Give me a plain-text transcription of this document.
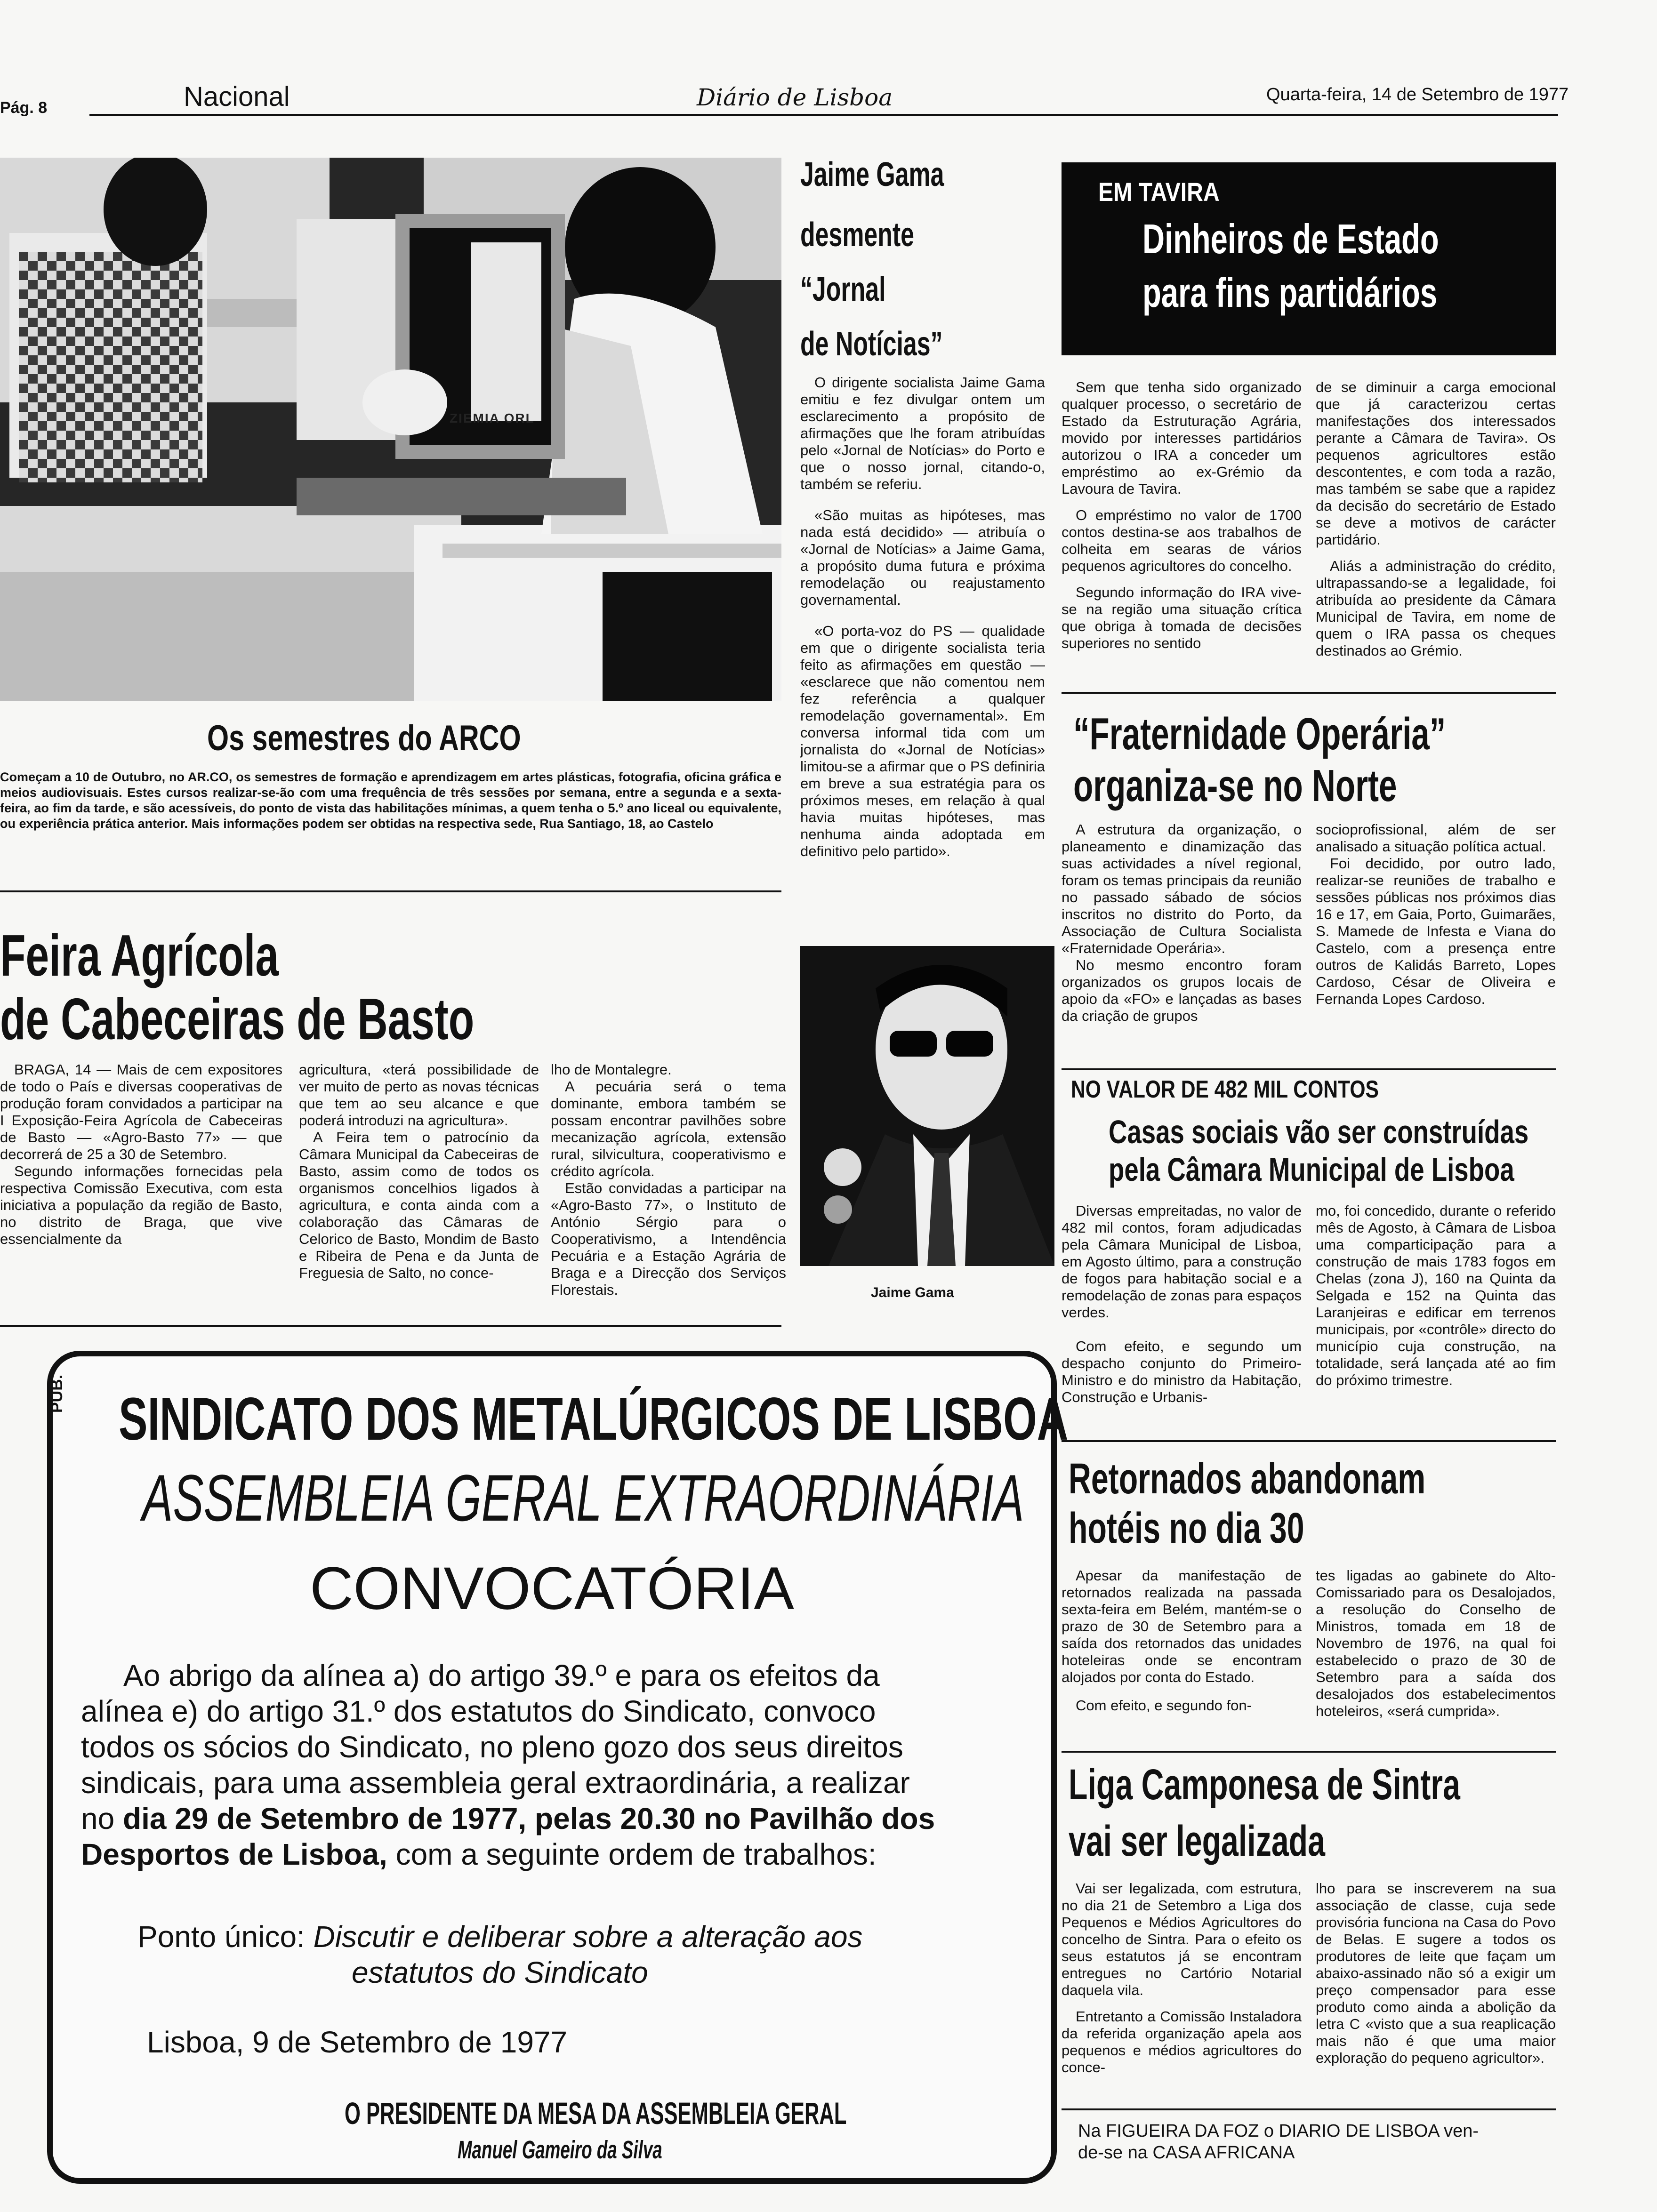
Pág. 8	Nacional	Diário de Lisboa	Quarta-feira, 14 de Setembro de 1977
ZIEMIA ORL
Os semestres do ARCO
Começam a 10 de Outubro, no AR.CO, os semestres de formação e aprendizagem em artes plásticas, fotografia, oficina gráfica e meios audiovisuais. Estes cursos realizar-se-ão com uma frequência de três sessões por semana, entre a segunda e a sexta-feira, ao fim da tarde, e são acessíveis, do ponto de vista das habilitações mínimas, a quem tenha o 5.º ano liceal ou equivalente, ou experiência prática anterior. Mais informações podem ser obtidas na respectiva sede, Rua Santiago, 18, ao Castelo
Jaime Gama
desmente
“Jornal
de Notícias”

O dirigente socialista Jaime Gama emitiu e fez divulgar ontem um esclarecimento a propósito de afirmações que lhe foram atribuídas pelo «Jornal de Notícias» do Porto e que o nosso jornal, citando-o, também se referiu.

«São muitas as hipóteses, mas nada está decidido» — atribuía o «Jornal de Notícias» a Jaime Gama, a propósito duma futura e próxima remodelação ou reajustamento governamental.

«O porta-voz do PS — qualidade em que o dirigente socialista teria feito as afirmações em questão — «esclarece que não comentou nem fez referência a qualquer remodelação governamental». Em conversa informal tida com um jornalista do «Jornal de Notícias» limitou-se a afirmar que o PS definiria em breve a sua estratégia para os próximos meses, em relação à qual havia muitas hipóteses, mas nenhuma ainda adoptada em definitivo pelo partido».

Jaime Gama
EM TAVIRA
Dinheiros de Estado
para fins partidários

Sem que tenha sido organizado qualquer processo, o secretário de Estado da Estruturação Agrária, movido por interesses partidários autorizou o IRA a conceder um empréstimo ao ex-Grémio da Lavoura de Tavira.

O empréstimo no valor de 1700 contos destina-se aos trabalhos de colheita em searas de vários pequenos agricultores do concelho.

Segundo informação do IRA vive-se na região uma situação crítica que obriga à tomada de decisões superiores no sentido

de se diminuir a carga emocional que já caracterizou certas manifestações dos interessados perante a Câmara de Tavira». Os pequenos agricultores estão descontentes, e com toda a razão, mas também se sabe que a rapidez da decisão do secretário de Estado se deve a motivos de carácter partidário.

Aliás a administração do crédito, ultrapassando-se a legalidade, foi atribuída ao presidente da Câmara Municipal de Tavira, em nome de quem o IRA passa os cheques destinados ao Grémio.

“Fraternidade Operária”
organiza-se no Norte

A estrutura da organização, o planeamento e dinamização das suas actividades a nível regional, foram os temas principais da reunião no passado sábado de sócios inscritos no distrito do Porto, da Associação de Cultura Socialista «Fraternidade Operária».

No mesmo encontro foram organizados os grupos locais de apoio da «FO» e lançadas as bases da criação de grupos

socioprofissional, além de ser analisado a situação política actual.

Foi decidido, por outro lado, realizar-se reuniões de trabalho e sessões públicas nos próximos dias 16 e 17, em Gaia, Porto, Guimarães, S. Mamede de Infesta e Viana do Castelo, com a presença entre outros de Kalidás Barreto, Lopes Cardoso, César de Oliveira e Fernanda Lopes Cardoso.

Feira Agrícola
de Cabeceiras de Basto

BRAGA, 14 — Mais de cem expositores de todo o País e diversas cooperativas de produção foram convidados a participar na I Exposição-Feira Agrícola de Cabeceiras de Basto — «Agro-Basto 77» — que decorrerá de 25 a 30 de Setembro.

Segundo informações fornecidas pela respectiva Comissão Executiva, com esta iniciativa a população da região de Basto, no distrito de Braga, que vive essencialmente da

agricultura, «terá possibilidade de ver muito de perto as novas técnicas que tem ao seu alcance e que poderá introduzi na agricultura».

A Feira tem o patrocínio da Câmara Municipal da Cabeceiras de Basto, assim como de todos os organismos concelhios ligados à agricultura, e conta ainda com a colaboração das Câmaras de Celorico de Basto, Mondim de Basto e Ribeira de Pena e da Junta de Freguesia de Salto, no conce-

lho de Montalegre.

A pecuária será o tema dominante, embora também se possam encontrar pavilhões sobre mecanização agrícola, extensão rural, silvicultura, cooperativismo e crédito agrícola.

Estão convidadas a participar na «Agro-Basto 77», o Instituto de António Sérgio para o Cooperativismo, a Intendência Pecuária e a Estação Agrária de Braga e a Direcção dos Serviços Florestais.

NO VALOR DE 482 MIL CONTOS
Casas sociais vão ser construídas
pela Câmara Municipal de Lisboa

Diversas empreitadas, no valor de 482 mil contos, foram adjudicadas pela Câmara Municipal de Lisboa, em Agosto último, para a construção de fogos para habitação social e a remodelação de zonas para espaços verdes.

Com efeito, e segundo um despacho conjunto do Primeiro-Ministro e do ministro da Habitação, Construção e Urbanis-

mo, foi concedido, durante o referido mês de Agosto, à Câmara de Lisboa uma comparticipação para a construção de mais 1783 fogos em Chelas (zona J), 160 na Quinta da Selgada e 152 na Quinta das Laranjeiras e edificar em terrenos municipais, por «contrôle» directo do município cuja construção, na totalidade, será lançada até ao fim do próximo trimestre.

Retornados abandonam
hotéis no dia 30

Apesar da manifestação de retornados realizada na passada sexta-feira em Belém, mantém-se o prazo de 30 de Setembro para a saída dos retornados das unidades hoteleiras onde se encontram alojados por conta do Estado.

Com efeito, e segundo fon-

tes ligadas ao gabinete do Alto-Comissariado para os Desalojados, a resolução do Conselho de Ministros, tomada em 18 de Novembro de 1976, na qual foi estabelecido o prazo de 30 de Setembro para a saída dos desalojados dos estabelecimentos hoteleiros, «será cumprida».

Liga Camponesa de Sintra
vai ser legalizada

Vai ser legalizada, com estrutura, no dia 21 de Setembro a Liga dos Pequenos e Médios Agricultores do concelho de Sintra. Para o efeito os seus estatutos já se encontram entregues no Cartório Notarial daquela vila.

Entretanto a Comissão Instaladora da referida organização apela aos pequenos e médios agricultores do conce-

lho para se inscreverem na sua associação de classe, cuja sede provisória funciona na Casa do Povo de Belas. E sugere a todos os produtores de leite que façam um abaixo-assinado não só a exigir um preço compensador para esse produto como ainda a abolição da letra C «visto que a sua reaplicação mais não é que uma maior exploração do pequeno agricultor».

Na FIGUEIRA DA FOZ o DIARIO DE LISBOA ven-
de-se na CASA AFRICANA
PUB. SINDICATO DOS METALÚRGICOS DE LISBOA
ASSEMBLEIA GERAL EXTRAORDINÁRIA
CONVOCATÓRIA
Ao abrigo da alínea a) do artigo 39.º e para os efeitos da
alínea e) do artigo 31.º dos estatutos do Sindicato, convoco
todos os sócios do Sindicato, no pleno gozo dos seus direitos
sindicais, para uma assembleia geral extraordinária, a realizar
no dia 29 de Setembro de 1977, pelas 20.30 no Pavilhão dos
Desportos de Lisboa, com a seguinte ordem de trabalhos:
Ponto único: Discutir e deliberar sobre a alteração aos
estatutos do Sindicato
Lisboa, 9 de Setembro de 1977
O PRESIDENTE DA MESA DA ASSEMBLEIA GERAL
Manuel Gameiro da Silva
